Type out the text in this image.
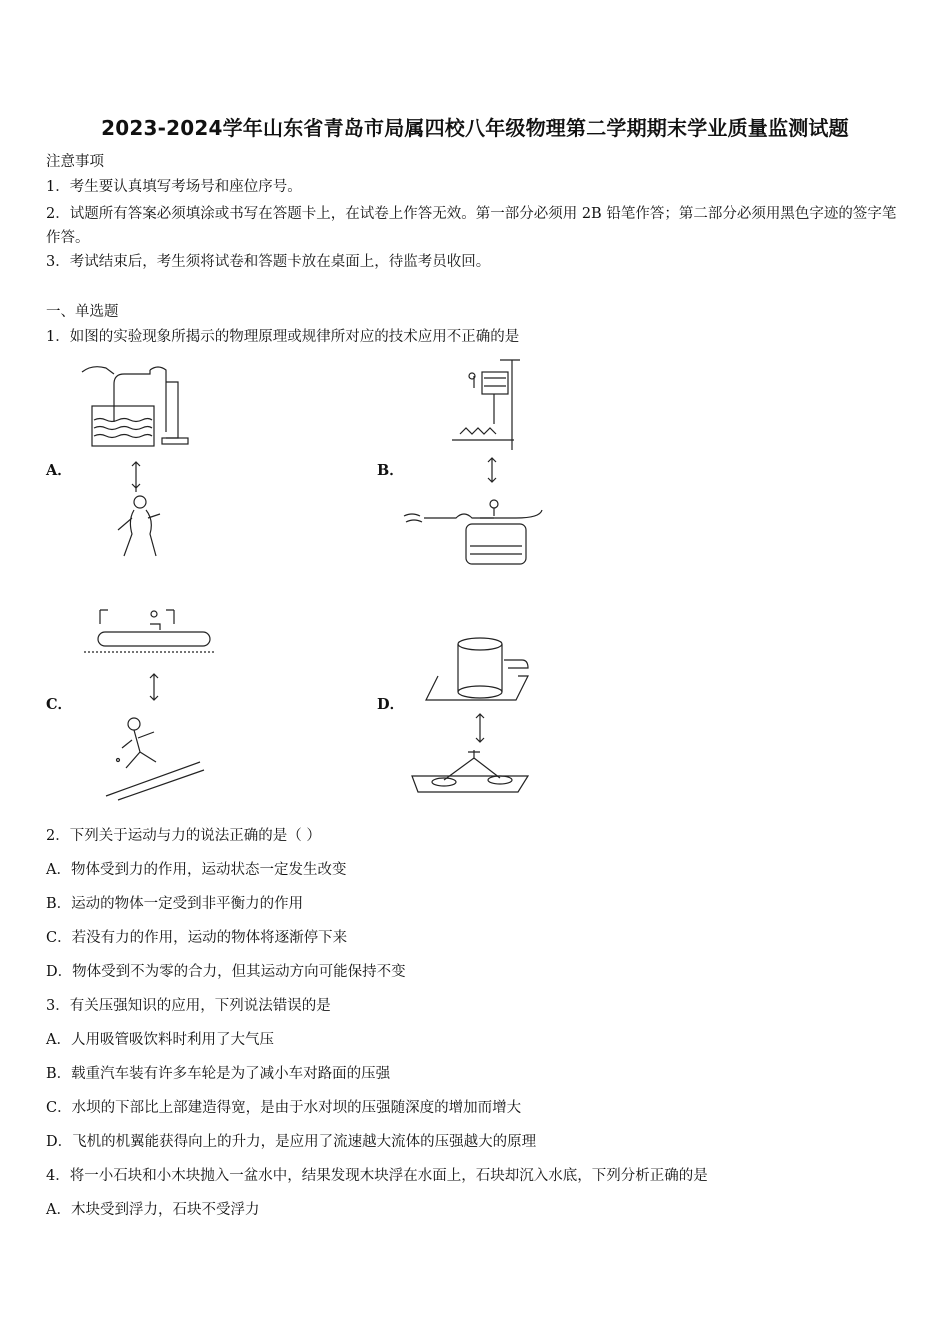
2023-2024学年山东省青岛市局属四校八年级物理第二学期期末学业质量监测试题
注意事项
1．考生要认真填写考场号和座位序号。
2．试题所有答案必须填涂或书写在答题卡上，在试卷上作答无效。第一部分必须用 2B 铅笔作答；第二部分必须用黑色字迹的签字笔作答。
3．考试结束后，考生须将试卷和答题卡放在桌面上，待监考员收回。
一、单选题
1．如图的实验现象所揭示的物理原理或规律所对应的技术应用不正确的是
A．	B．
C．	D．
2．下列关于运动与力的说法正确的是（ ）
A．物体受到力的作用，运动状态一定发生改变
B．运动的物体一定受到非平衡力的作用
C．若没有力的作用，运动的物体将逐渐停下来
D．物体受到不为零的合力，但其运动方向可能保持不变
3．有关压强知识的应用，下列说法错误的是
A．人用吸管吸饮料时利用了大气压
B．载重汽车装有许多车轮是为了减小车对路面的压强
C．水坝的下部比上部建造得宽，是由于水对坝的压强随深度的增加而增大
D．飞机的机翼能获得向上的升力，是应用了流速越大流体的压强越大的原理
4．将一小石块和小木块抛入一盆水中，结果发现木块浮在水面上，石块却沉入水底，下列分析正确的是
A．木块受到浮力，石块不受浮力
